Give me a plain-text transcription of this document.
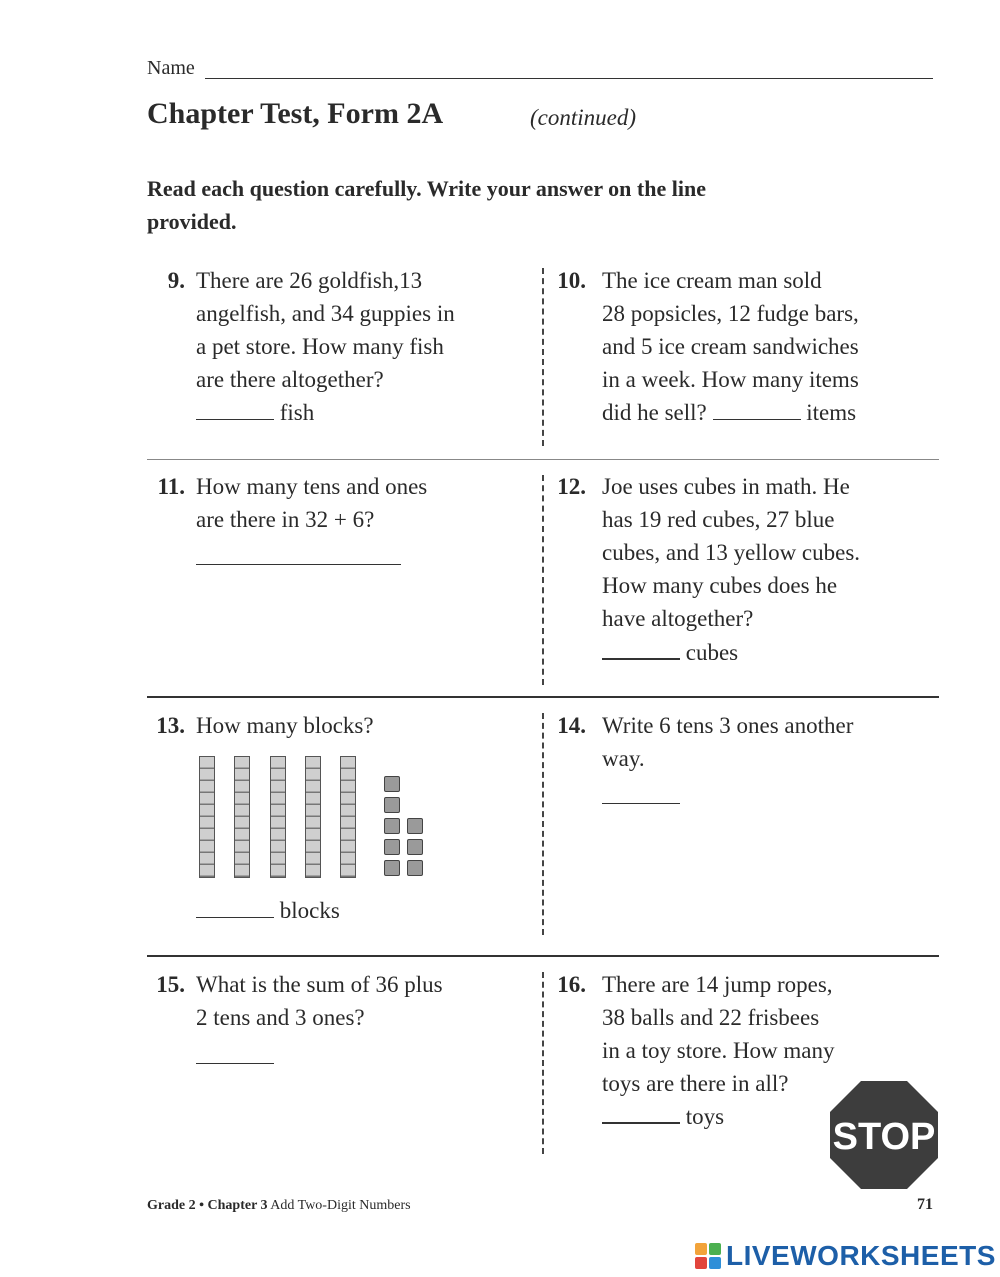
Name
Chapter Test, Form 2A	(continued)
Read each question carefully. Write your answer on the line provided.
9. There are 26 goldfish,13
angelfish, and 34 guppies in
a pet store. How many fish
are there altogether?
fish
10. The ice cream man sold
28 popsicles, 12 fudge bars,
and 5 ice cream sandwiches
in a week. How many items
did he sell?	items
11. How many tens and ones
are there in 32 + 6?
12. Joe uses cubes in math. He
has 19 red cubes, 27 blue
cubes, and 13 yellow cubes.
How many cubes does he
have altogether?
cubes
13. How many blocks?
blocks
14. Write 6 tens 3 ones another
way.
15. What is the sum of 36 plus
2 tens and 3 ones?
16. There are 14 jump ropes,
38 balls and 22 frisbees
in a toy store. How many
toys are there in all?
toys	STOP
Grade 2 • Chapter 3 Add Two-Digit Numbers	71
LIVEWORKSHEETS
